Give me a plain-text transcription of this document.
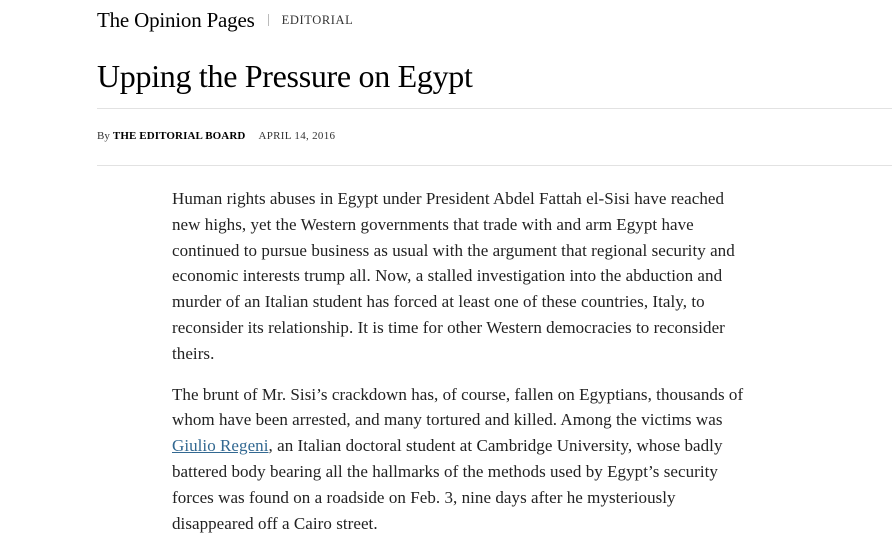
The Opinion Pages EDITORIAL
Upping the Pressure on Egypt
By THE EDITORIAL BOARD APRIL 14, 2016

Human rights abuses in Egypt under President Abdel Fattah el-Sisi have reached new highs, yet the Western governments that trade with and arm Egypt have continued to pursue business as usual with the argument that regional security and economic interests trump all. Now, a stalled investigation into the abduction and murder of an Italian student has forced at least one of these countries, Italy, to reconsider its relationship. It is time for other Western democracies to reconsider theirs.

The brunt of Mr. Sisi’s crackdown has, of course, fallen on Egyptians, thousands of whom have been arrested, and many tortured and killed. Among the victims was Giulio Regeni, an Italian doctoral student at Cambridge University, whose badly battered body bearing all the hallmarks of the methods used by Egypt’s security forces was found on a roadside on Feb. 3, nine days after he mysteriously disappeared off a Cairo street.
